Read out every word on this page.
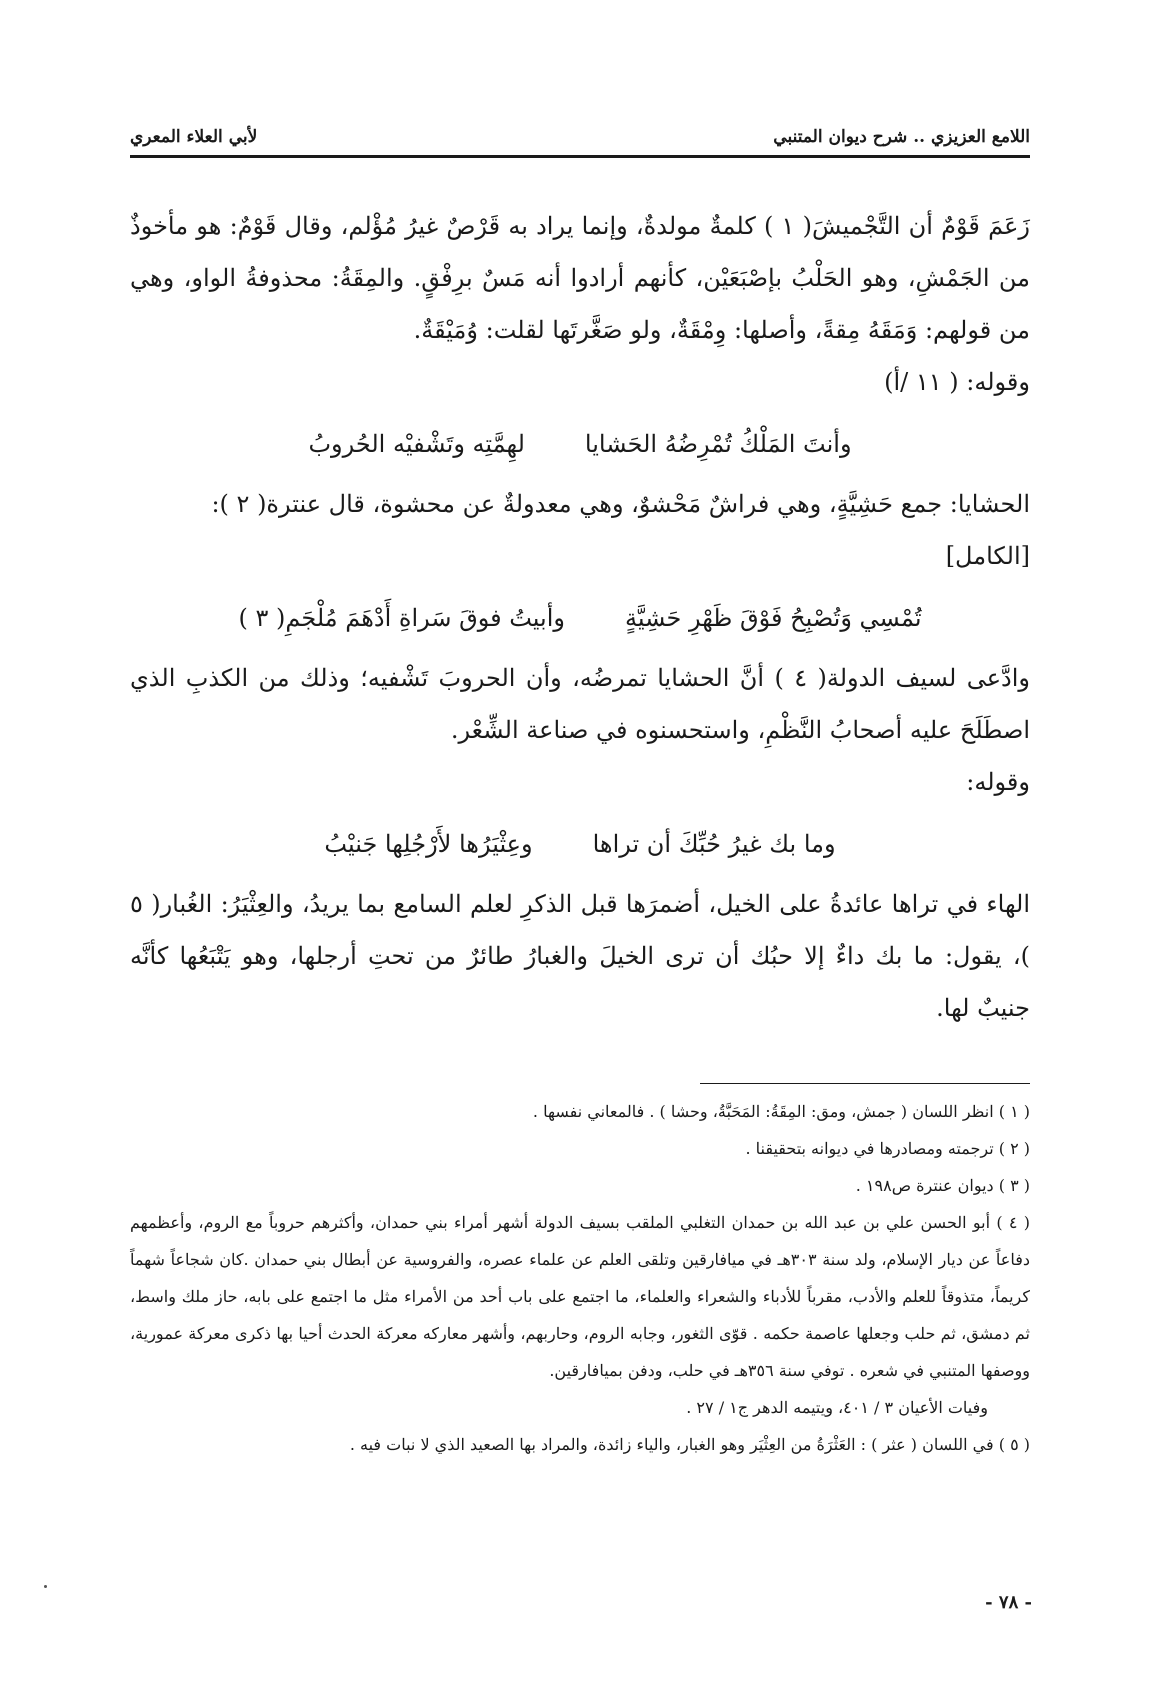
اللامع العزيزي .. شرح ديوان المتنبي
لأبي العلاء المعري

زَعَمَ قَوْمٌ أن التَّجْميشَ( ١ ) كلمةٌ مولدةٌ، وإنما يراد به قَرْصٌ غيرُ مُؤْلم، وقال قَوْمٌ: هو مأخوذٌ من الجَمْشِ، وهو الحَلْبُ بإصْبَعَيْن، كأنهم أرادوا أنه مَسٌ برِفْقٍ. والمِقَةُ: محذوفةُ الواو، وهي من قولهم: وَمَقَهُ مِقةً، وأصلها: وِمْقَةٌ، ولو صَغَّرتَها لقلت: وُمَيْقَةٌ.

وقوله: ( ١١ /أ)

وأنتَ المَلْكُ تُمْرِضُهُ الحَشايا
لهِمَّتِه وتَشْفيْه الحُروبُ

الحشايا: جمع حَشِيَّةٍ، وهي فراشٌ مَحْشوٌ، وهي معدولةٌ عن محشوة، قال عنترة( ٢ ):

[الكامل]

تُمْسِي وَتُصْبِحُ فَوْقَ ظَهْرِ حَشِيَّةٍ
وأبيتُ فوقَ سَراةِ أَدْهَمَ مُلْجَمِ( ٣ )

وادَّعى لسيف الدولة( ٤ ) أنَّ الحشايا تمرضُه، وأن الحروبَ تَشْفيه؛ وذلك من الكذبِ الذي اصطَلَحَ عليه أصحابُ النَّظْمِ، واستحسنوه في صناعة الشِّعْر.

وقوله:

وما بك غيرُ حُبِّكَ أن تراها
وعِثْيَرُها لأَرْجُلِها جَنيْبُ

الهاء في تراها عائدةُ على الخيل، أضمرَها قبل الذكرِ لعلم السامع بما يريدُ، والعِثْيَرُ: الغُبار( ٥ )، يقول: ما بك داءٌ إلا حبُك أن ترى الخيلَ والغبارُ طائرٌ من تحتِ أرجلها، وهو يَتْبَعُها كأنَّه جنيبٌ لها.

( ١ ) انظر اللسان ( جمش، ومق: المِقَةُ: المَحَبَّةُ، وحشا ) . فالمعاني نفسها .

( ٢ ) ترجمته ومصادرها في ديوانه بتحقيقنا .

( ٣ ) ديوان عنترة ص١٩٨ .

( ٤ ) أبو الحسن علي بن عبد الله بن حمدان التغلبي الملقب بسيف الدولة أشهر أمراء بني حمدان، وأكثرهم حروباً مع الروم، وأعظمهم دفاعاً عن ديار الإسلام، ولد سنة ٣٠٣هـ في ميافارقين وتلقى العلم عن علماء عصره، والفروسية عن أبطال بني حمدان .كان شجاعاً شهماً كريماً، متذوقاً للعلم والأدب، مقرباً للأدباء والشعراء والعلماء، ما اجتمع على باب أحد من الأمراء مثل ما اجتمع على بابه، حاز ملك واسط، ثم دمشق، ثم حلب وجعلها عاصمة حكمه . قوّى الثغور، وجابه الروم، وحاربهم، وأشهر معاركه معركة الحدث أحيا بها ذكرى معركة عمورية، ووصفها المتنبي في شعره . توفي سنة ٣٥٦هـ في حلب، ودفن بميافارقين.

وفيات الأعيان ٣ / ٤٠١، ويتيمه الدهر ج١ / ٢٧ .

( ٥ ) في اللسان ( عثر ) : العَثْرَةُ من العِثْيَر وهو الغبار، والياء زائدة، والمراد بها الصعيد الذي لا نبات فيه .

- ٧٨ -
